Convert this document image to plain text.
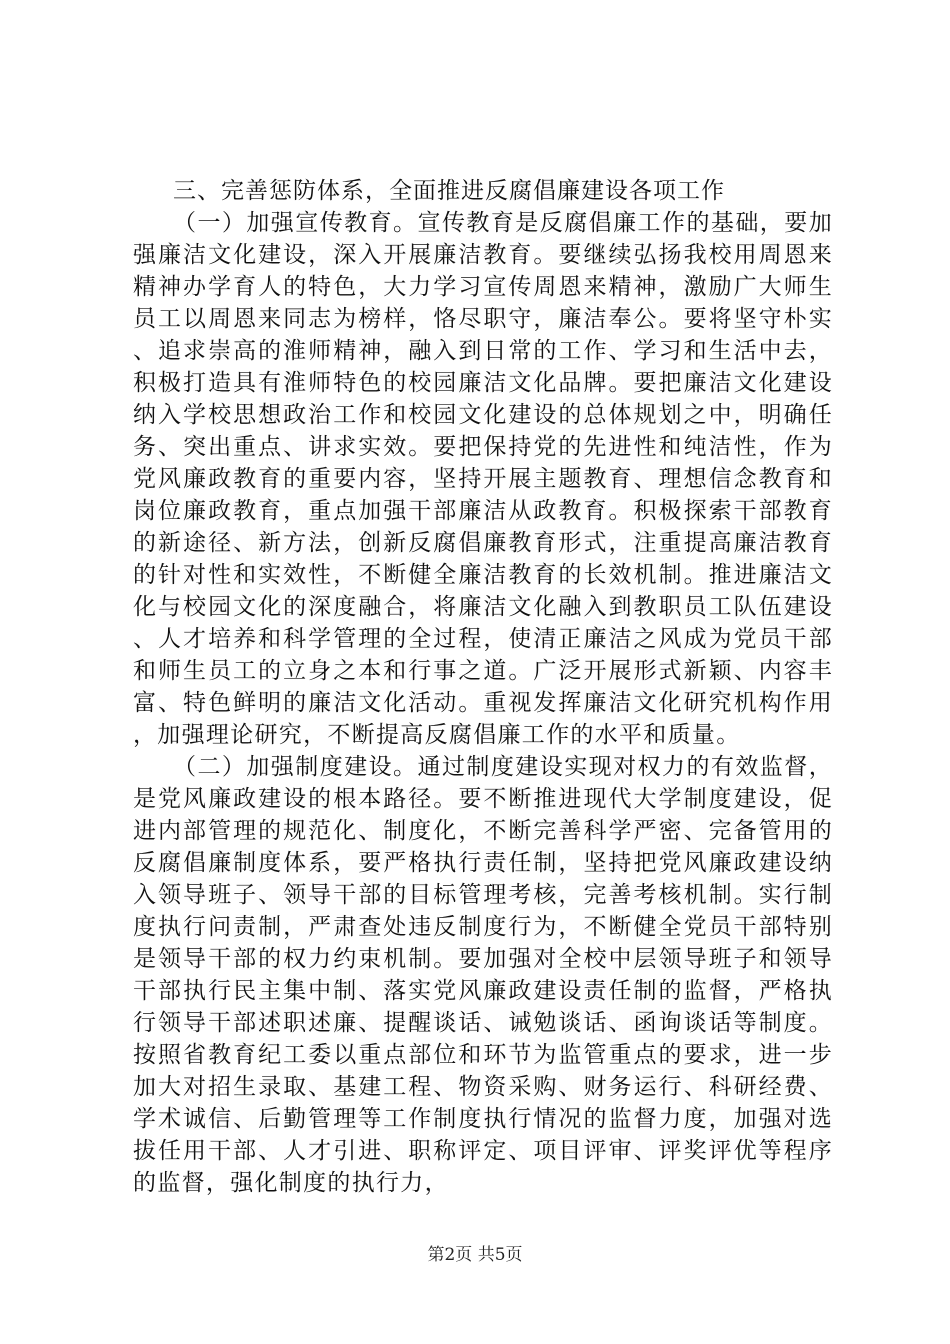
三、完善惩防体系，全面推进反腐倡廉建设各项工作

（一）加强宣传教育。宣传教育是反腐倡廉工作的基础，要加强廉洁文化建设，深入开展廉洁教育。要继续弘扬我校用周恩来精神办学育人的特色，大力学习宣传周恩来精神，激励广大师生员工以周恩来同志为榜样，恪尽职守，廉洁奉公。要将坚守朴实、追求崇高的淮师精神，融入到日常的工作、学习和生活中去，积极打造具有淮师特色的校园廉洁文化品牌。要把廉洁文化建设纳入学校思想政治工作和校园文化建设的总体规划之中，明确任务、突出重点、讲求实效。要把保持党的先进性和纯洁性，作为党风廉政教育的重要内容，坚持开展主题教育、理想信念教育和岗位廉政教育，重点加强干部廉洁从政教育。积极探索干部教育的新途径、新方法，创新反腐倡廉教育形式，注重提高廉洁教育的针对性和实效性，不断健全廉洁教育的长效机制。推进廉洁文化与校园文化的深度融合，将廉洁文化融入到教职员工队伍建设、人才培养和科学管理的全过程，使清正廉洁之风成为党员干部和师生员工的立身之本和行事之道。广泛开展形式新颖、内容丰富、特色鲜明的廉洁文化活动。重视发挥廉洁文化研究机构作用，加强理论研究，不断提高反腐倡廉工作的水平和质量。

（二）加强制度建设。通过制度建设实现对权力的有效监督，是党风廉政建设的根本路径。要不断推进现代大学制度建设，促进内部管理的规范化、制度化，不断完善科学严密、完备管用的反腐倡廉制度体系，要严格执行责任制，坚持把党风廉政建设纳入领导班子、领导干部的目标管理考核，完善考核机制。实行制度执行问责制，严肃查处违反制度行为，不断健全党员干部特别是领导干部的权力约束机制。要加强对全校中层领导班子和领导干部执行民主集中制、落实党风廉政建设责任制的监督，严格执行领导干部述职述廉、提醒谈话、诫勉谈话、函询谈话等制度。按照省教育纪工委以重点部位和环节为监管重点的要求，进一步加大对招生录取、基建工程、物资采购、财务运行、科研经费、学术诚信、后勤管理等工作制度执行情况的监督力度，加强对选拔任用干部、人才引进、职称评定、项目评审、评奖评优等程序的监督，强化制度的执行力，

第2页 共5页
